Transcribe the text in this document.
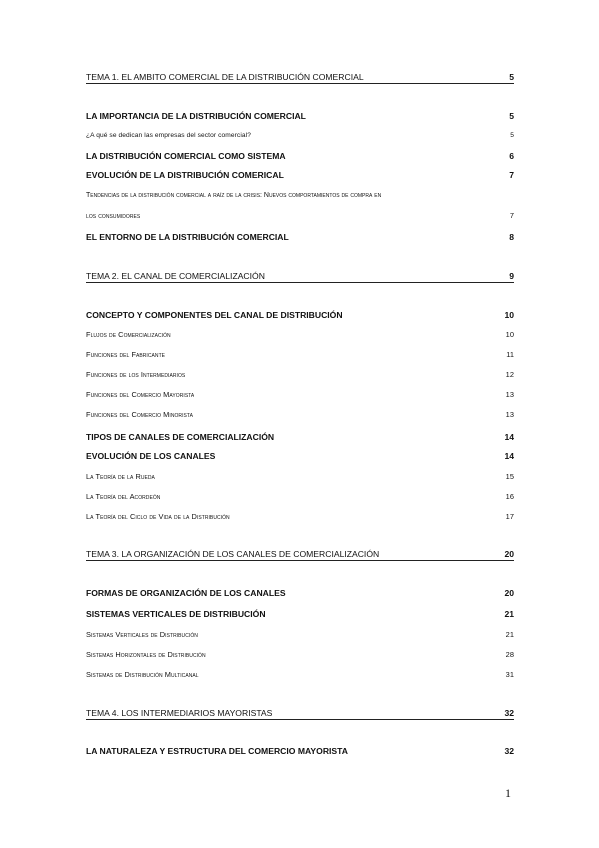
TEMA 1. EL AMBITO COMERCIAL DE LA DISTRIBUCIÓN COMERCIAL	5
LA IMPORTANCIA DE LA DISTRIBUCIÓN COMERCIAL	5
¿A qué se dedican las empresas del sector comercial?	5
LA DISTRIBUCIÓN COMERCIAL COMO SISTEMA	6
EVOLUCIÓN DE LA DISTRIBUCIÓN COMERICAL	7
Tendencias de la distribución comercial a raíz de la crisis: Nuevos comportamientos de compra en
los consumidores	7
EL ENTORNO DE LA DISTRIBUCIÓN COMERCIAL	8
TEMA 2. EL CANAL DE COMERCIALIZACIÓN	9
CONCEPTO Y COMPONENTES DEL CANAL DE DISTRIBUCIÓN	10
Flujos de Comercialización	10
Funciones del Fabricante	11
Funciones de los Intermediarios	12
Funciones del Comercio Mayorista	13
Funciones del Comercio Minorista	13
TIPOS DE CANALES DE COMERCIALIZACIÓN	14
EVOLUCIÓN DE LOS CANALES	14
La Teoría de la Rueda	15
La Teoría del Acordeón	16
La Teoría del Ciclo de Vida de la Distribución	17
TEMA 3. LA ORGANIZACIÓN DE LOS CANALES DE COMERCIALIZACIÓN	20
FORMAS DE ORGANIZACIÓN DE LOS CANALES	20
SISTEMAS VERTICALES DE DISTRIBUCIÓN	21
Sistemas Verticales de Distribución	21
Sistemas Horizontales de Distribución	28
Sistemas de Distribución Multicanal	31
TEMA 4. LOS INTERMEDIARIOS MAYORISTAS	32
LA NATURALEZA Y ESTRUCTURA DEL COMERCIO MAYORISTA	32
1
